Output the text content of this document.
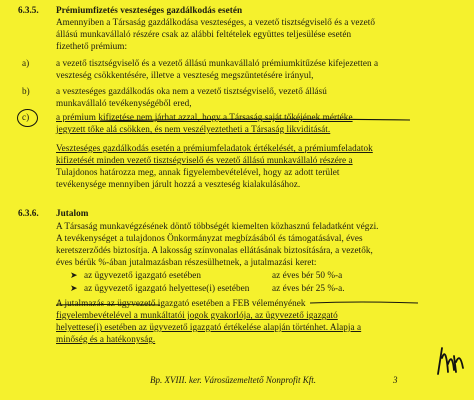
6.3.5. Prémiumfizetés veszteséges gazdálkodás esetén
Amennyiben a Társaság gazdálkodása veszteséges, a vezető tisztségviselő és a vezető
állású munkavállaló részére csak az alábbi feltételek együttes teljesülése esetén
fizethető prémium:
a)	a vezető tisztségviselő és a vezető állású munkavállaló prémiumkitűzése kifejezetten a
veszteség csökkentésére, illetve a veszteség megszüntetésére irányul,
b)	a veszteséges gazdálkodás oka nem a vezető tisztségviselő, vezető állású
munkavállaló tevékenységéből ered,
c)	a prémium kifizetése nem járhat azzal, hogy a Társaság saját tőkéjének mértéke
jegyzett tőke alá csökken, és nem veszélyeztetheti a Társaság likviditását.
Veszteséges gazdálkodás esetén a prémiumfeladatok értékelését, a prémiumfeladatok
kifizetését minden vezető tisztségviselő és vezető állású munkavállaló részére a
Tulajdonos határozza meg, annak figyelembevételével, hogy az adott terület
tevékenysége mennyiben járult hozzá a veszteség kialakulásához.
6.3.6. Jutalom
A Társaság munkavégzésének döntő többségét kiemelten közhasznú feladatként végzi.
A tevékenységet a tulajdonos Önkormányzat megbízásából és támogatásával, éves
keretszerződés biztosítja. A lakosság színvonalas ellátásának biztosítására, a vezetők,
éves bérük %-ában jutalmazásban részesülhetnek, a jutalmazási keret:
➤ az ügyvezető igazgató esetében	az éves bér 50 %-a
➤ az ügyvezető igazgató helyettese(i) esetében az éves bér 25 %-a.
A jutalmazás az ügyvezető igazgató esetében a FEB véleményének
figyelembevételével a munkáltatói jogok gyakorlója, az ügyvezető igazgató
helyettese(i) esetében az ügyvezető igazgató értékelése alapján történhet. Alapja a
minőség és a hatékonyság.
Bp. XVIII. ker. Városüzemeltető Nonprofit Kft.	3
